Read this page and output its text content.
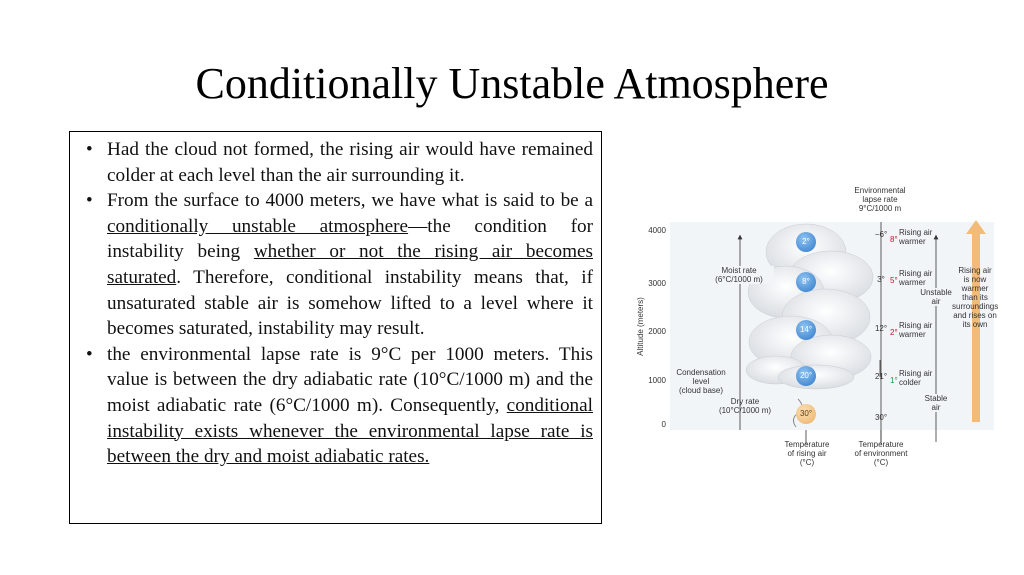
Conditionally Unstable Atmosphere
• Had the cloud not formed, the rising air would have remained colder at each level than the air surrounding it.
• From the surface to 4000 meters, we have what is said to be a conditionally unstable atmosphere—the condition for instability being whether or not the rising air becomes saturated. Therefore, conditional instability means that, if unsaturated stable air is somehow lifted to a level where it becomes saturated, instability may result.
• the environmental lapse rate is 9°C per 1000 meters. This value is between the dry adiabatic rate (10°C/1000 m) and the moist adiabatic rate (6°C/1000 m). Consequently, conditional instability exists whenever the environmental lapse rate is between the dry and moist adiabatic rates.
Environmental
lapse rate
9°C/1000 m
Altitude (meters)
4000
3000
2000
1000
0
Moist rate
(6°C/1000 m)
Condensation
level
(cloud base)
Dry rate
(10°C/1000 m)
2°
8°
14°
20°
30°
−6°
3°
12°
21°
30°
8°
5°
2°
1°
Rising air
warmer
Rising air
warmer
Rising air
warmer
Rising air
colder
Unstable
air
Stable
air
Rising air
is now
warmer
than its
surroundings
and rises on
its own
Temperature
of rising air
(°C)
Temperature
of environment
(°C)
